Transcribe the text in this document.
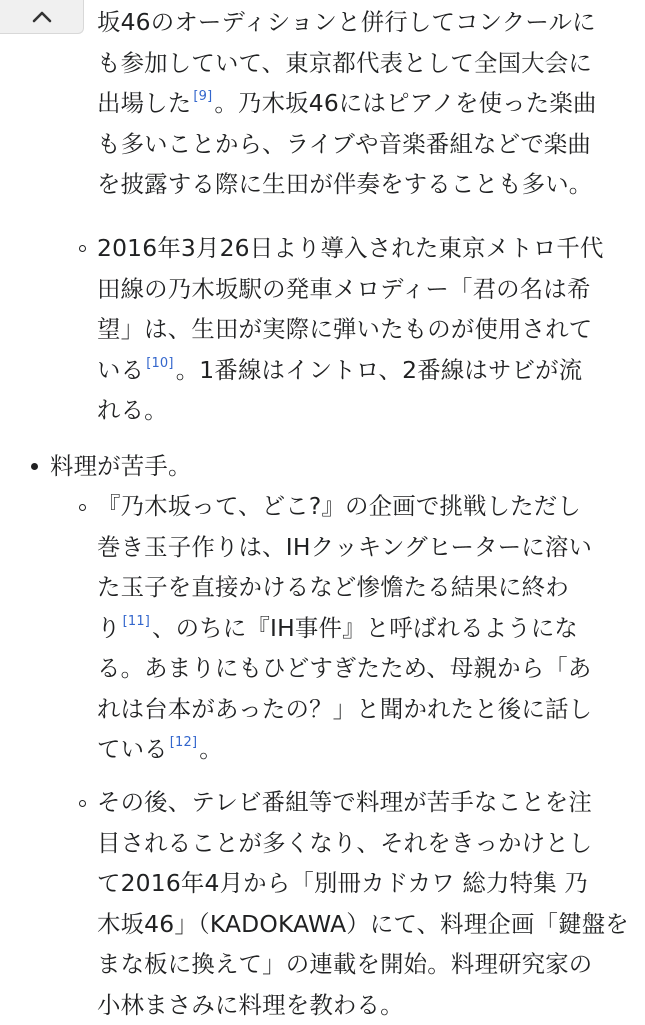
坂46のオーディションと併行してコンクールに
も参加していて、東京都代表として全国大会に
出場した [9]。乃木坂46にはピアノを使った楽曲
も多いことから、ライブや音楽番組などで楽曲
を披露する際に生田が伴奏をすることも多い。
2016年3月26日より導入された東京メトロ千代
田線の乃木坂駅の発車メロディー「君の名は希
望」は、生田が実際に弾いたものが使用されて
いる [10]。1番線はイントロ、2番線はサビが流
れる。
料理が苦手。
『乃木坂って、どこ?』の企画で挑戦しただし
巻き玉子作りは、IHクッキングヒーターに溶い
た玉子を直接かけるなど惨憺たる結果に終わ
り [11]、のちに『IH事件』と呼ばれるようにな
る。あまりにもひどすぎたため、母親から「あ
れは台本があったの？」と聞かれたと後に話し
ている [12]。
その後、テレビ番組等で料理が苦手なことを注
目されることが多くなり、それをきっかけとし
て2016年4月から「別冊カドカワ 総力特集 乃
木坂46」（KADOKAWA）にて、料理企画「鍵盤を
まな板に換えて」の連載を開始。料理研究家の
小林まさみに料理を教わる。
